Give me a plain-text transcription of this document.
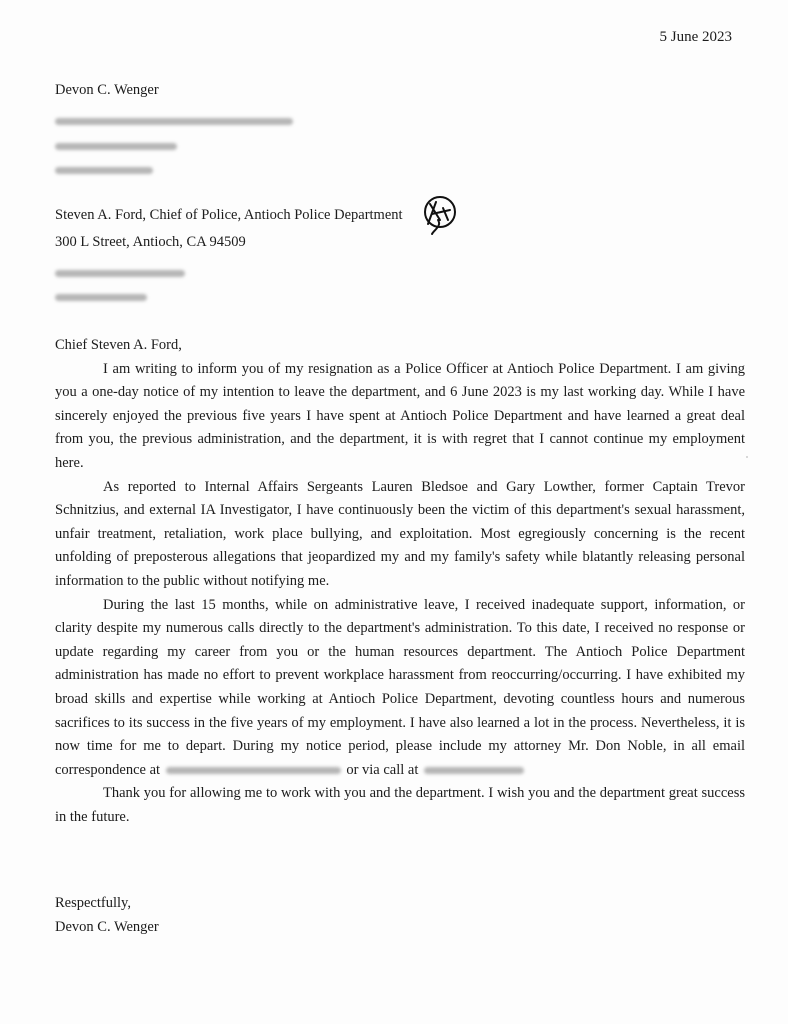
5 June 2023
Devon C. Wenger
Steven A. Ford, Chief of Police, Antioch Police Department
300 L Street, Antioch, CA 94509

Chief Steven A. Ford,

I am writing to inform you of my resignation as a Police Officer at Antioch Police Department. I am giving you a one-day notice of my intention to leave the department, and 6 June 2023 is my last working day. While I have sincerely enjoyed the previous five years I have spent at Antioch Police Department and have learned a great deal from you, the previous administration, and the department, it is with regret that I cannot continue my employment here.

As reported to Internal Affairs Sergeants Lauren Bledsoe and Gary Lowther, former Captain Trevor Schnitzius, and external IA Investigator, I have continuously been the victim of this department's sexual harassment, unfair treatment, retaliation, work place bullying, and exploitation. Most egregiously concerning is the recent unfolding of preposterous allegations that jeopardized my and my family's safety while blatantly releasing personal information to the public without notifying me.

During the last 15 months, while on administrative leave, I received inadequate support, information, or clarity despite my numerous calls directly to the department's administration. To this date, I received no response or update regarding my career from you or the human resources department. The Antioch Police Department administration has made no effort to prevent workplace harassment from reoccurring/occurring. I have exhibited my broad skills and expertise while working at Antioch Police Department, devoting countless hours and numerous sacrifices to its success in the five years of my employment. I have also learned a lot in the process. Nevertheless, it is now time for me to depart. During my notice period, please include my attorney Mr. Don Noble, in all email correspondence at	or via call at

Thank you for allowing me to work with you and the department. I wish you and the department great success in the future.

Respectfully,
Devon C. Wenger
